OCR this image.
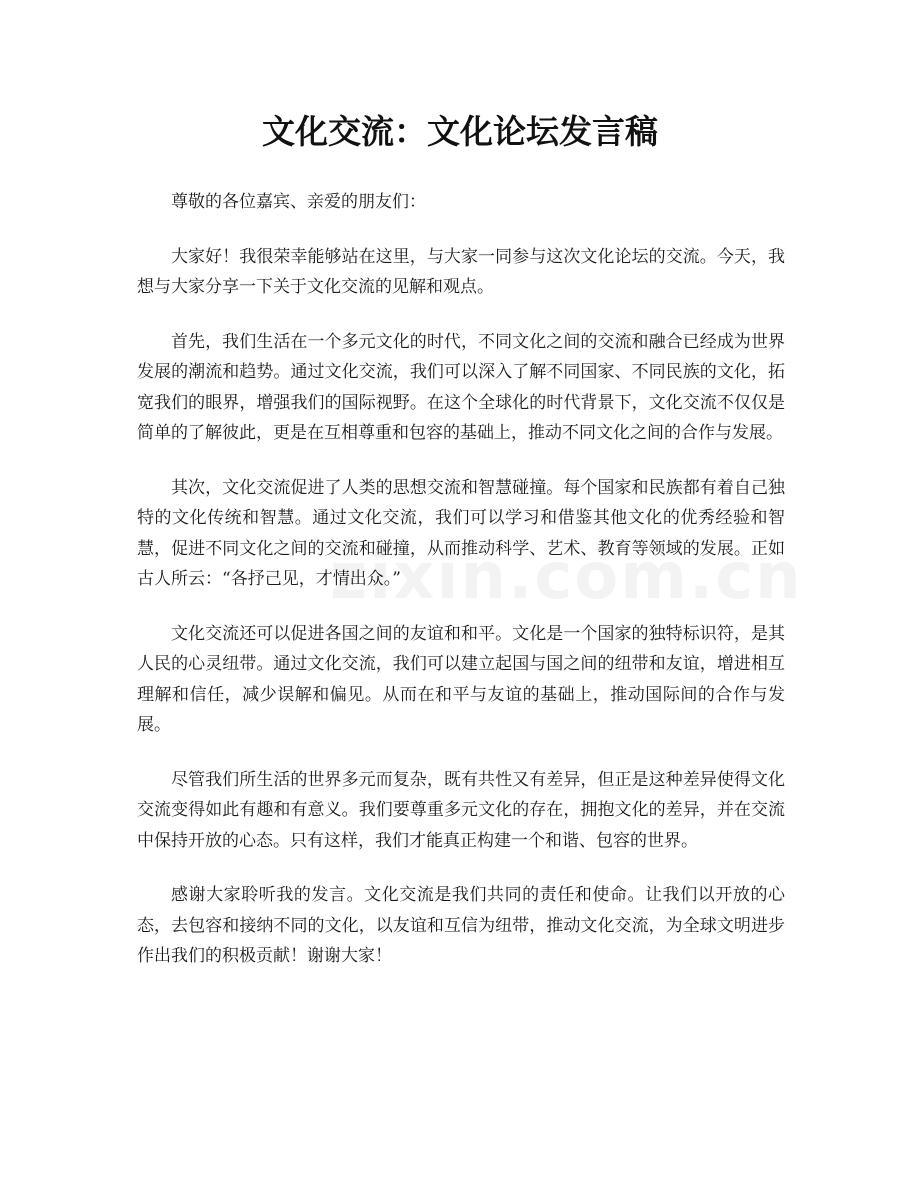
文化交流：文化论坛发言稿

尊敬的各位嘉宾、亲爱的朋友们：

大家好！我很荣幸能够站在这里，与大家一同参与这次文化论坛的交流。今天，我想与大家分享一下关于文化交流的见解和观点。

首先，我们生活在一个多元文化的时代，不同文化之间的交流和融合已经成为世界发展的潮流和趋势。通过文化交流，我们可以深入了解不同国家、不同民族的文化，拓宽我们的眼界，增强我们的国际视野。在这个全球化的时代背景下，文化交流不仅仅是简单的了解彼此，更是在互相尊重和包容的基础上，推动不同文化之间的合作与发展。

其次，文化交流促进了人类的思想交流和智慧碰撞。每个国家和民族都有着自己独特的文化传统和智慧。通过文化交流，我们可以学习和借鉴其他文化的优秀经验和智慧，促进不同文化之间的交流和碰撞，从而推动科学、艺术、教育等领域的发展。正如古人所云：“各抒己见，才情出众。”

文化交流还可以促进各国之间的友谊和和平。文化是一个国家的独特标识符，是其人民的心灵纽带。通过文化交流，我们可以建立起国与国之间的纽带和友谊，增进相互理解和信任，减少误解和偏见。从而在和平与友谊的基础上，推动国际间的合作与发展。

尽管我们所生活的世界多元而复杂，既有共性又有差异，但正是这种差异使得文化交流变得如此有趣和有意义。我们要尊重多元文化的存在，拥抱文化的差异，并在交流中保持开放的心态。只有这样，我们才能真正构建一个和谐、包容的世界。

感谢大家聆听我的发言。文化交流是我们共同的责任和使命。让我们以开放的心态，去包容和接纳不同的文化，以友谊和互信为纽带，推动文化交流，为全球文明进步作出我们的积极贡献！谢谢大家！
